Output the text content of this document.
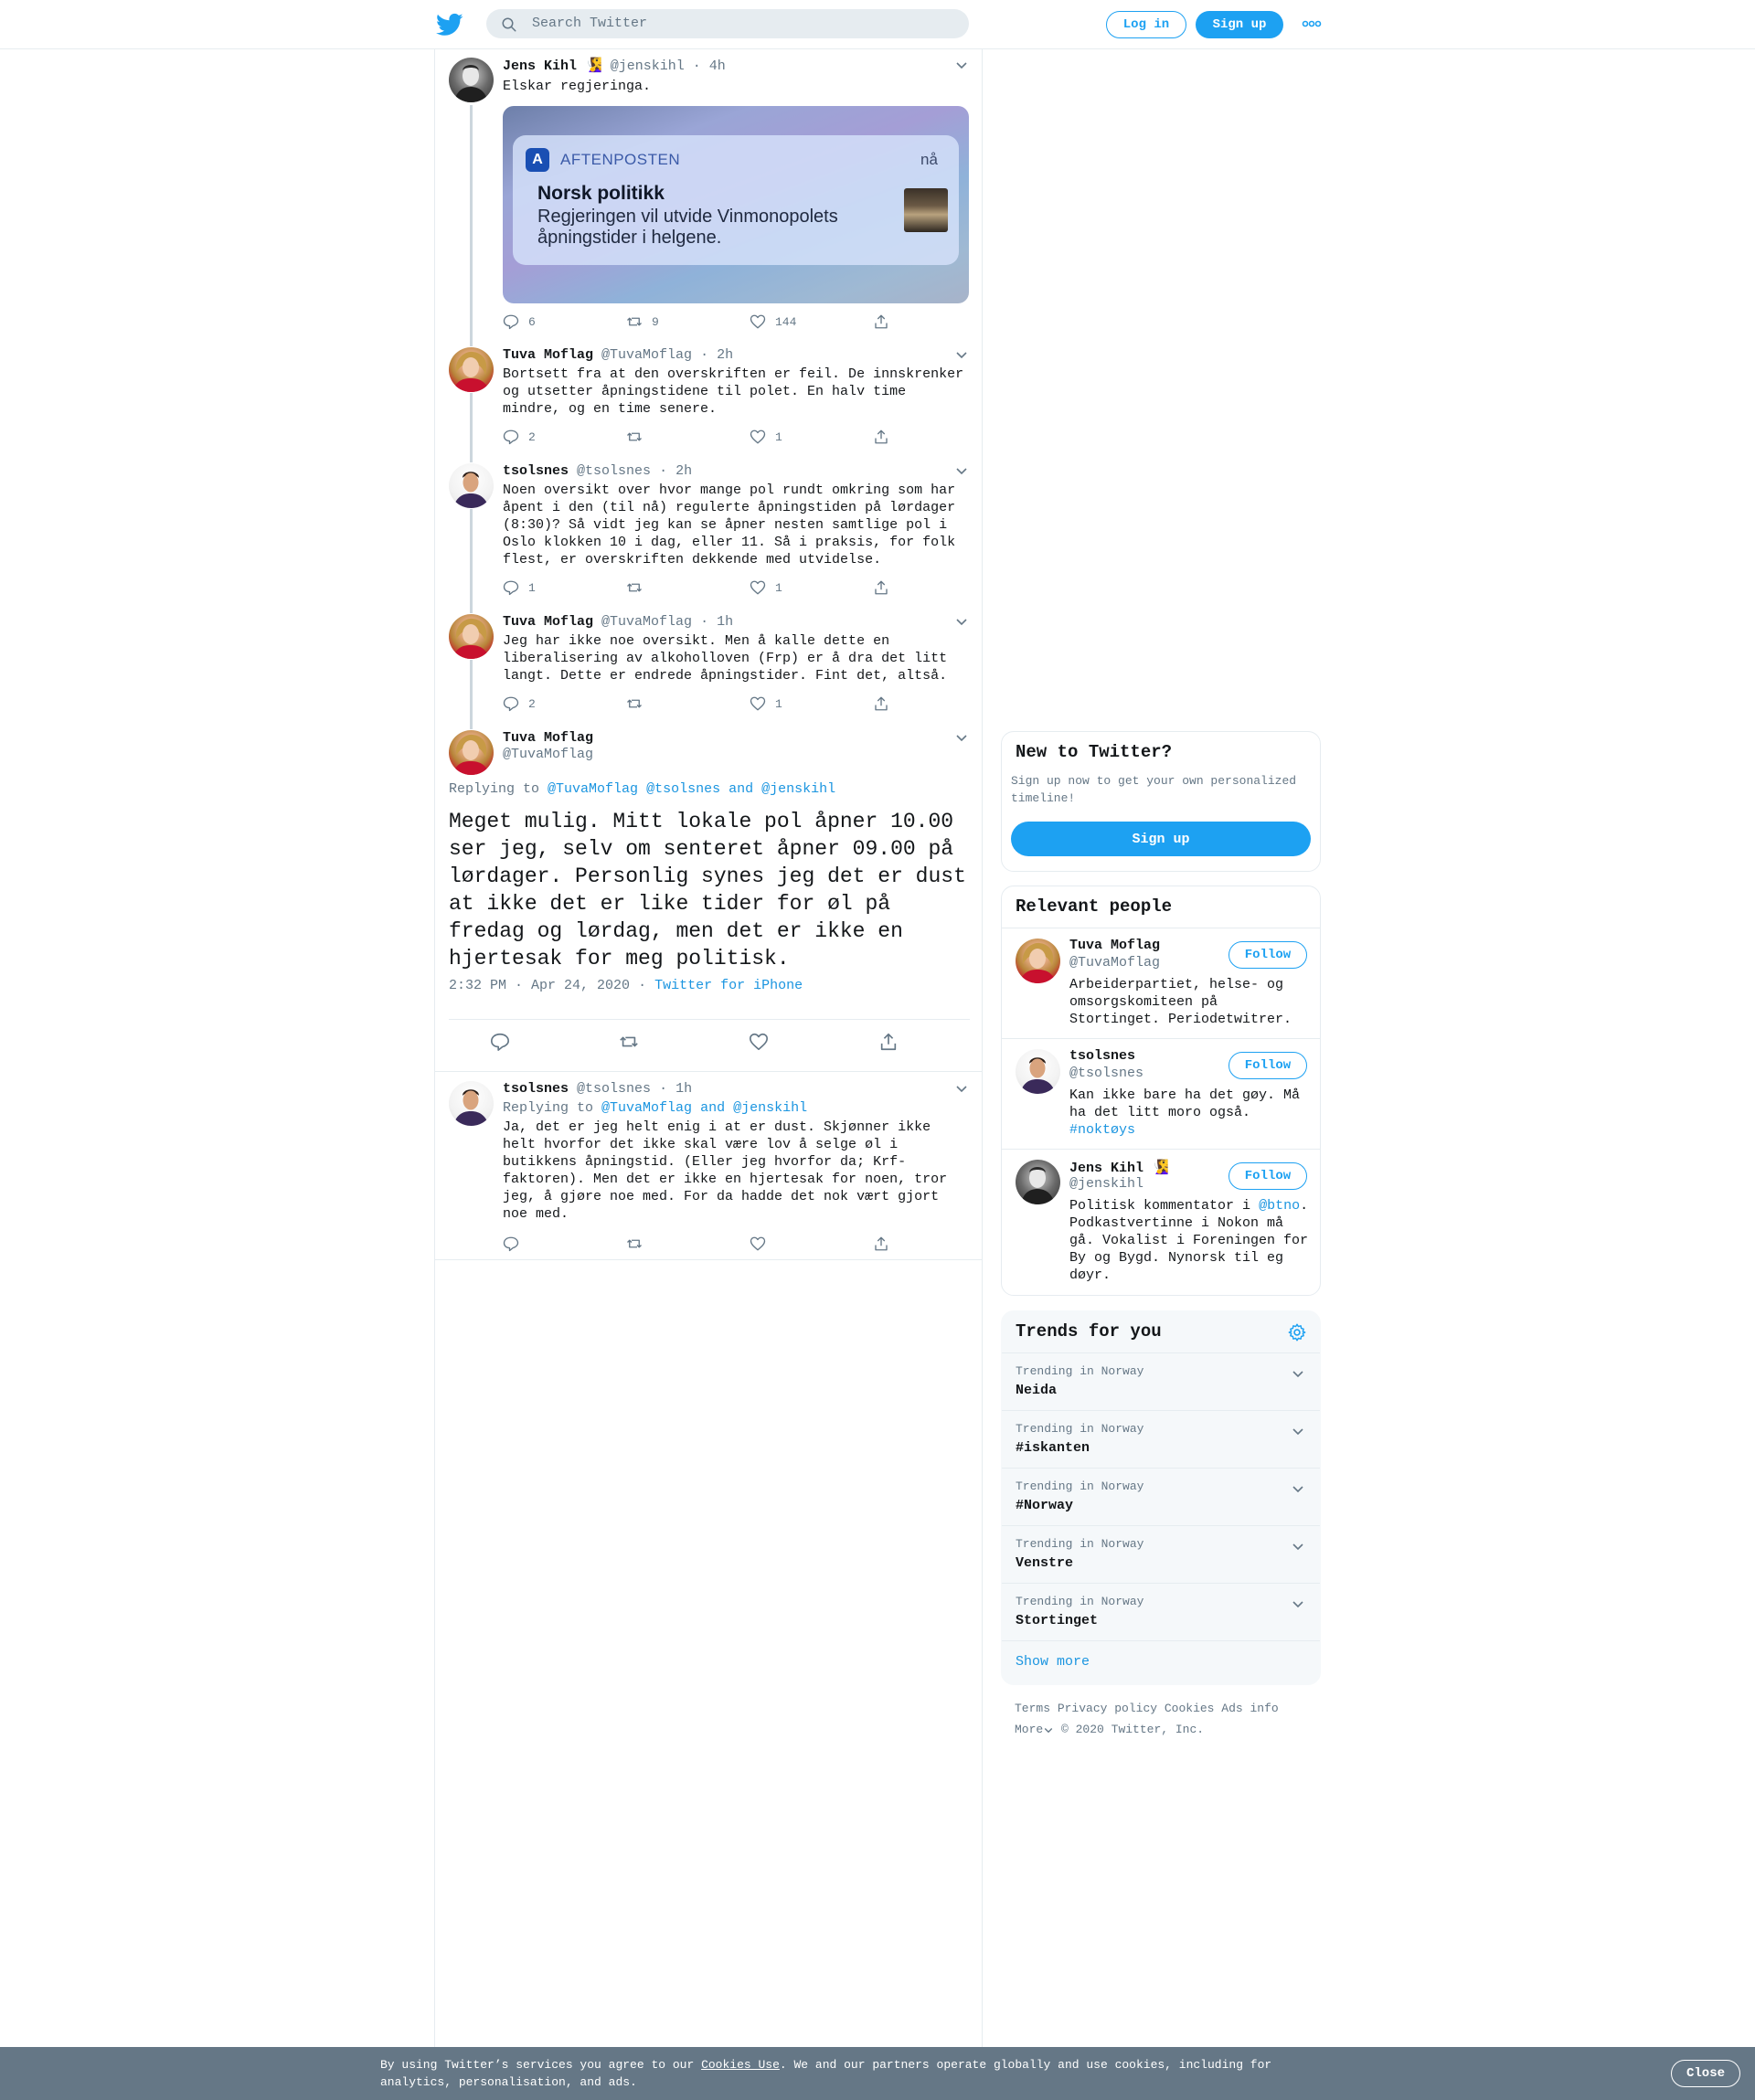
Search Twitter	Log in	Sign up
Jens Kihl 🧏‍♀️ @jenskihl · 4h
Elskar regjeringa.
A	AFTENPOSTEN	nå
Norsk politikk
Regjeringen vil utvide Vinmonopolets åpningstider i helgene.
6	9	144
Tuva Moflag @TuvaMoflag · 2h
Bortsett fra at den overskriften er feil. De innskrenker og utsetter åpningstidene til polet. En halv time mindre, og en time senere.
2	1
tsolsnes @tsolsnes · 2h
Noen oversikt over hvor mange pol rundt omkring som har åpent i den (til nå) regulerte åpningstiden på lørdager (8:30)? Så vidt jeg kan se åpner nesten samtlige pol i Oslo klokken 10 i dag, eller 11. Så i praksis, for folk flest, er overskriften dekkende med utvidelse.
1	1
Tuva Moflag @TuvaMoflag · 1h
Jeg har ikke noe oversikt. Men å kalle dette en liberalisering av alkoholloven (Frp) er å dra det litt langt. Dette er endrede åpningstider. Fint det, altså.
2	1
Tuva Moflag
@TuvaMoflag
Replying to @TuvaMoflag @tsolsnes and @jenskihl
Meget mulig. Mitt lokale pol åpner 10.00 ser jeg, selv om senteret åpner 09.00 på lørdager. Personlig synes jeg det er dust at ikke det er like tider for øl på fredag og lørdag, men det er ikke en hjertesak for meg politisk.
2:32 PM · Apr 24, 2020 · Twitter for iPhone
tsolsnes @tsolsnes · 1h
Replying to @TuvaMoflag and @jenskihl
Ja, det er jeg helt enig i at er dust. Skjønner ikke helt hvorfor det ikke skal være lov å selge øl i butikkens åpningstid. (Eller jeg hvorfor da; Krf-faktoren). Men det er ikke en hjertesak for noen, tror jeg, å gjøre noe med. For da hadde det nok vært gjort noe med.
New to Twitter?
Sign up now to get your own personalized timeline!
Sign up
Relevant people
Tuva Moflag
@TuvaMoflag	Follow
Arbeiderpartiet, helse- og omsorgskomiteen på Stortinget. Periodetwitrer.
tsolsnes
@tsolsnes	Follow
Kan ikke bare ha det gøy. Må ha det litt moro også. #noktøys
Jens Kihl 🧏‍♀️
@jenskihl	Follow
Politisk kommentator i @btno. Podkastvertinne i Nokon må gå. Vokalist i Foreningen for By og Bygd. Nynorsk til eg døyr.
Trends for you
Trending in Norway
Neida
Trending in Norway
#iskanten
Trending in Norway
#Norway
Trending in Norway
Venstre
Trending in Norway
Stortinget
Show more
Terms Privacy policy Cookies Ads info
More © 2020 Twitter, Inc.
By using Twitter’s services you agree to our Cookies Use. We and our partners operate globally and use cookies, including for analytics, personalisation, and ads.
Close
